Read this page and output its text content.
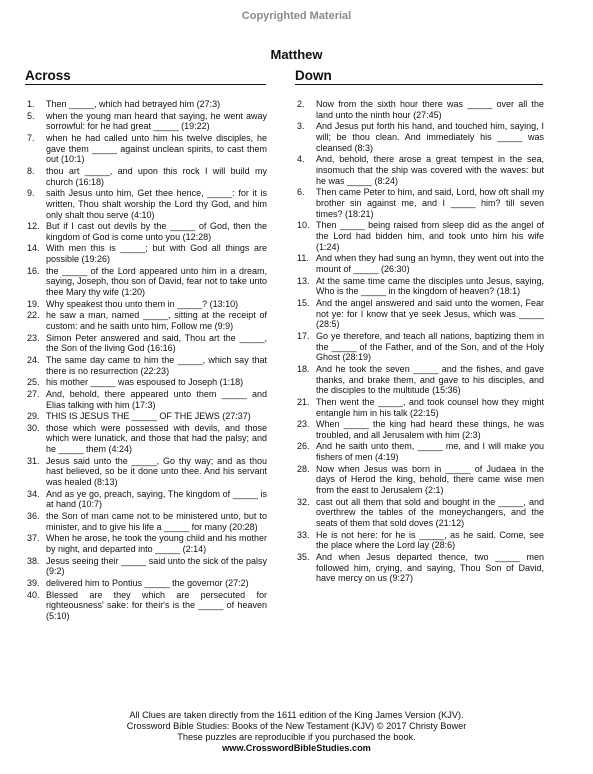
Copyrighted Material
Matthew
Across	Down
1.	Then _____, which had betrayed him (27:3)
5.	when the young man heard that saying, he went away sorrowful: for he had great _____ (19:22)
7.	when he had called unto him his twelve disciples, he gave them _____ against unclean spirits, to cast them out (10:1)
8.	thou art _____, and upon this rock I will build my church (16:18)
9.	saith Jesus unto him, Get thee hence, _____: for it is written, Thou shalt worship the Lord thy God, and him only shalt thou serve (4:10)
12. But if I cast out devils by the _____ of God, then the kingdom of God is come unto you (12:28)
14. With men this is _____; but with God all things are possible (19:26)
16. the _____ of the Lord appeared unto him in a dream, saying, Joseph, thou son of David, fear not to take unto thee Mary thy wife (1:20)
19. Why speakest thou unto them in _____? (13:10)
22. he saw a man, named _____, sitting at the receipt of custom: and he saith unto him, Follow me (9:9)
23. Simon Peter answered and said, Thou art the _____, the Son of the living God (16:16)
24. The same day came to him the _____, which say that there is no resurrection (22:23)
25. his mother _____ was espoused to Joseph (1:18)
27. And, behold, there appeared unto them _____ and Elias talking with him (17:3)
29. THIS IS JESUS THE _____ OF THE JEWS (27:37)
30. those which were possessed with devils, and those which were lunatick, and those that had the palsy; and he _____ them (4:24)
31. Jesus said unto the _____, Go thy way; and as thou hast believed, so be it done unto thee. And his servant was healed (8:13)
34. And as ye go, preach, saying, The kingdom of _____ is at hand (10:7)
36. the Son of man came not to be ministered unto, but to minister, and to give his life a _____ for many (20:28)
37. When he arose, he took the young child and his mother by night, and departed into _____ (2:14)
38. Jesus seeing their _____ said unto the sick of the palsy (9:2)
39. delivered him to Pontius _____ the governor (27:2)
40. Blessed are they which are persecuted for righteousness' sake: for their's is the _____ of heaven (5:10)
2.	Now from the sixth hour there was _____ over all the land unto the ninth hour (27:45)
3.	And Jesus put forth his hand, and touched him, saying, I will; be thou clean. And immediately his _____ was cleansed (8:3)
4.	And, behold, there arose a great tempest in the sea, insomuch that the ship was covered with the waves: but he was _____ (8:24)
6.	Then came Peter to him, and said, Lord, how oft shall my brother sin against me, and I _____ him? till seven times? (18:21)
10. Then _____ being raised from sleep did as the angel of the Lord had bidden him, and took unto him his wife (1:24)
11. And when they had sung an hymn, they went out into the mount of _____ (26:30)
13. At the same time came the disciples unto Jesus, saying, Who is the _____ in the kingdom of heaven? (18:1)
15. And the angel answered and said unto the women, Fear not ye: for I know that ye seek Jesus, which was _____ (28:5)
17. Go ye therefore, and teach all nations, baptizing them in the _____ of the Father, and of the Son, and of the Holy Ghost (28:19)
18. And he took the seven _____ and the fishes, and gave thanks, and brake them, and gave to his disciples, and the disciples to the multitude (15:36)
21. Then went the _____, and took counsel how they might entangle him in his talk (22:15)
23. When _____ the king had heard these things, he was troubled, and all Jerusalem with him (2:3)
26. And he saith unto them, _____ me, and I will make you fishers of men (4:19)
28. Now when Jesus was born in _____ of Judaea in the days of Herod the king, behold, there came wise men from the east to Jerusalem (2:1)
32. cast out all them that sold and bought in the _____, and overthrew the tables of the moneychangers, and the seats of them that sold doves (21:12)
33. He is not here: for he is _____, as he said. Come, see the place where the Lord lay (28:6)
35. And when Jesus departed thence, two _____ men followed him, crying, and saying, Thou Son of David, have mercy on us (9:27)
All Clues are taken directly from the 1611 edition of the King James Version (KJV).
Crossword Bible Studies: Books of the New Testament (KJV) © 2017 Christy Bower
These puzzles are reproducible if you purchased the book.
www.CrosswordBibleStudies.com
